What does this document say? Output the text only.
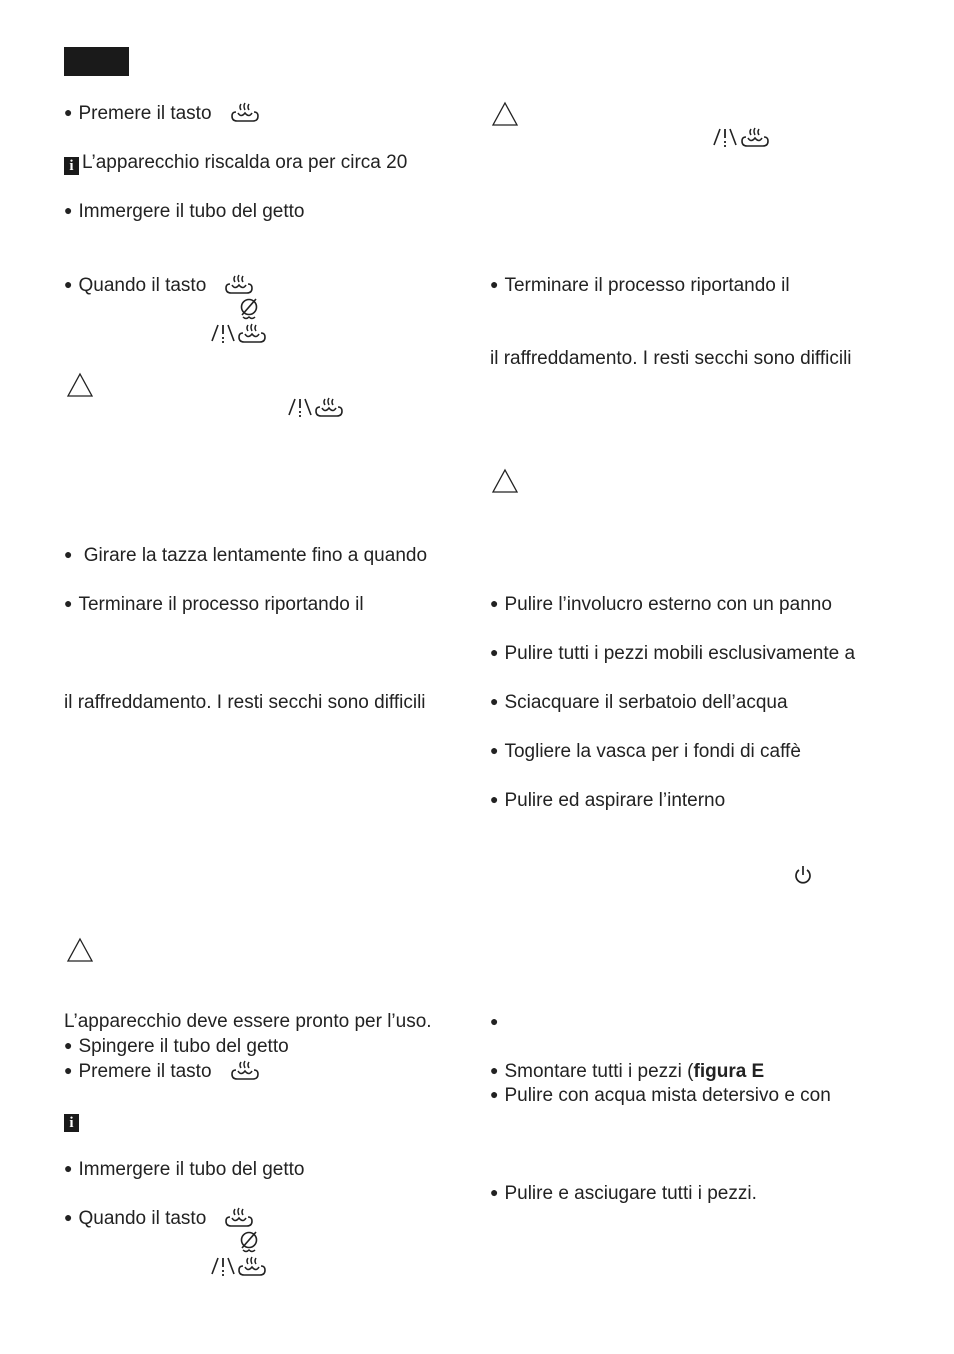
● Premere il tasto
i L’apparecchio riscalda ora per circa 20
● Immergere il tubo del getto
● Quando il tasto
● Girare la tazza lentamente fino a quando
● Terminare il processo riportando il
il raffreddamento. I resti secchi sono difficili
L’apparecchio deve essere pronto per l’uso.
● Spingere il tubo del getto
● Premere il tasto
i
● Immergere il tubo del getto
● Quando il tasto
● Terminare il processo riportando il
il raffreddamento. I resti secchi sono difficili
● Pulire l’involucro esterno con un panno
● Pulire tutti i pezzi mobili esclusivamente a
● Sciacquare il serbatoio dell’acqua
● Togliere la vasca per i fondi di caffè
● Pulire ed aspirare l’interno
●
● Smontare tutti i pezzi (figura E
● Pulire con acqua mista detersivo e con
● Pulire e asciugare tutti i pezzi.
